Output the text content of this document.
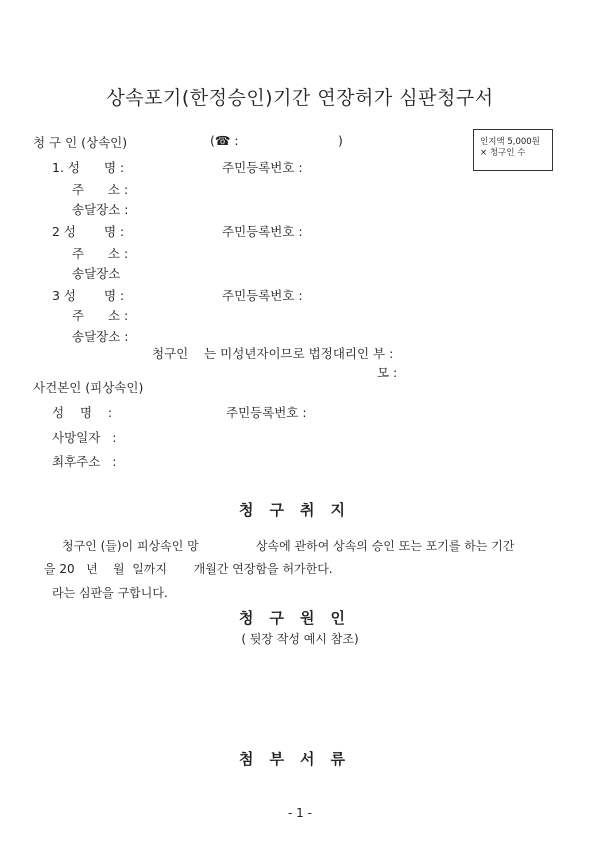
상속포기(한정승인)기간 연장허가 심판청구서
청 구 인 (상속인)	(☎ :	)	인지액 5,000원
× 청구인 수
1. 성 명 :	주민등록번호 :
주      소 :
송달장소 :
2 성 명 :	주민등록번호 :
주      소 :
송달장소
3 성 명 :	주민등록번호 :
주      소 :
송달장소 :
청구인    는 미성년자이므로 법정대리인 부 :
모 :
사건본인 (피상속인)
성    명    :	주민등록번호 :
사망일자   :
최후주소   :
청구취지
청구인 (들)이 피상속인 망               상속에 관하여 상속의 승인 또는 포기를 하는 기간
을 20   년    월  일까지       개월간 연장함을 허가한다.
라는 심판을 구합니다.
청구원인
( 뒷장 작성 예시 참조)
첨부서류
- 1 -
